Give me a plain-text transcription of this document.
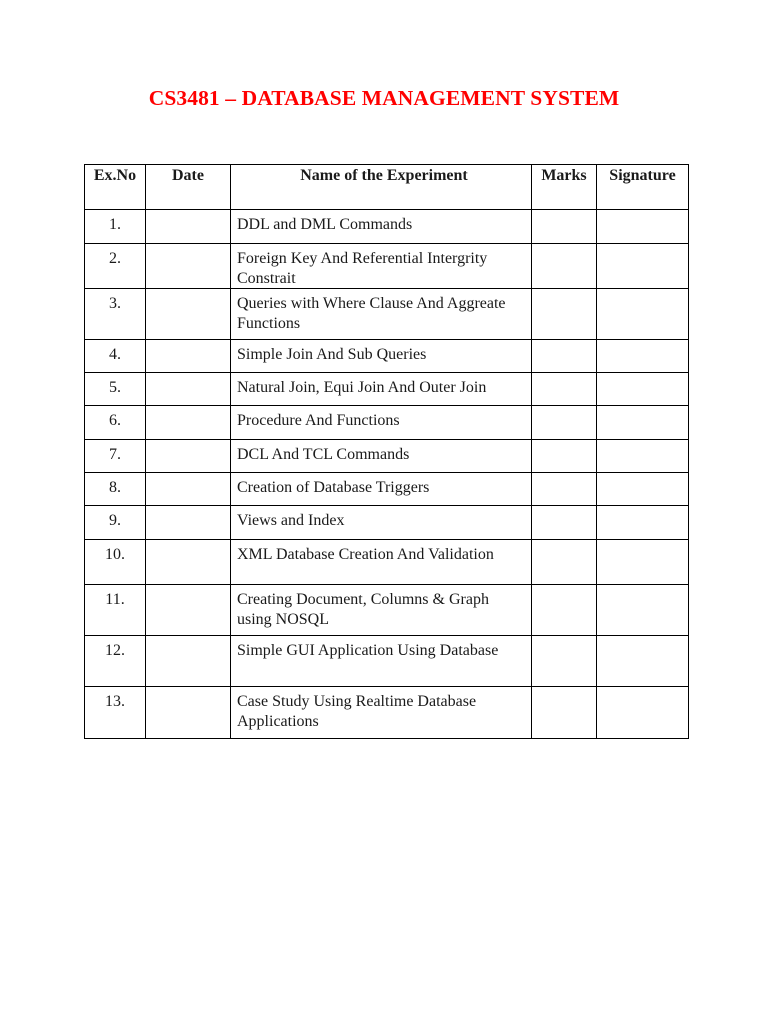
CS3481 – DATABASE MANAGEMENT SYSTEM
Ex.No	Date	Name of the Experiment	Marks	Signature
1.		DDL and DML Commands		
2.		Foreign Key And Referential Intergrity Constrait		
3.		Queries with Where Clause And Aggreate Functions		
4.		Simple Join And Sub Queries		
5.		Natural Join, Equi Join And Outer Join		
6.		Procedure And Functions		
7.		DCL And TCL Commands		
8.		Creation of Database Triggers		
9.		Views and Index		
10.		XML Database Creation And Validation		
11.		Creating Document, Columns & Graph using NOSQL		
12.		Simple GUI Application Using Database		
13.		Case Study Using Realtime Database Applications		
